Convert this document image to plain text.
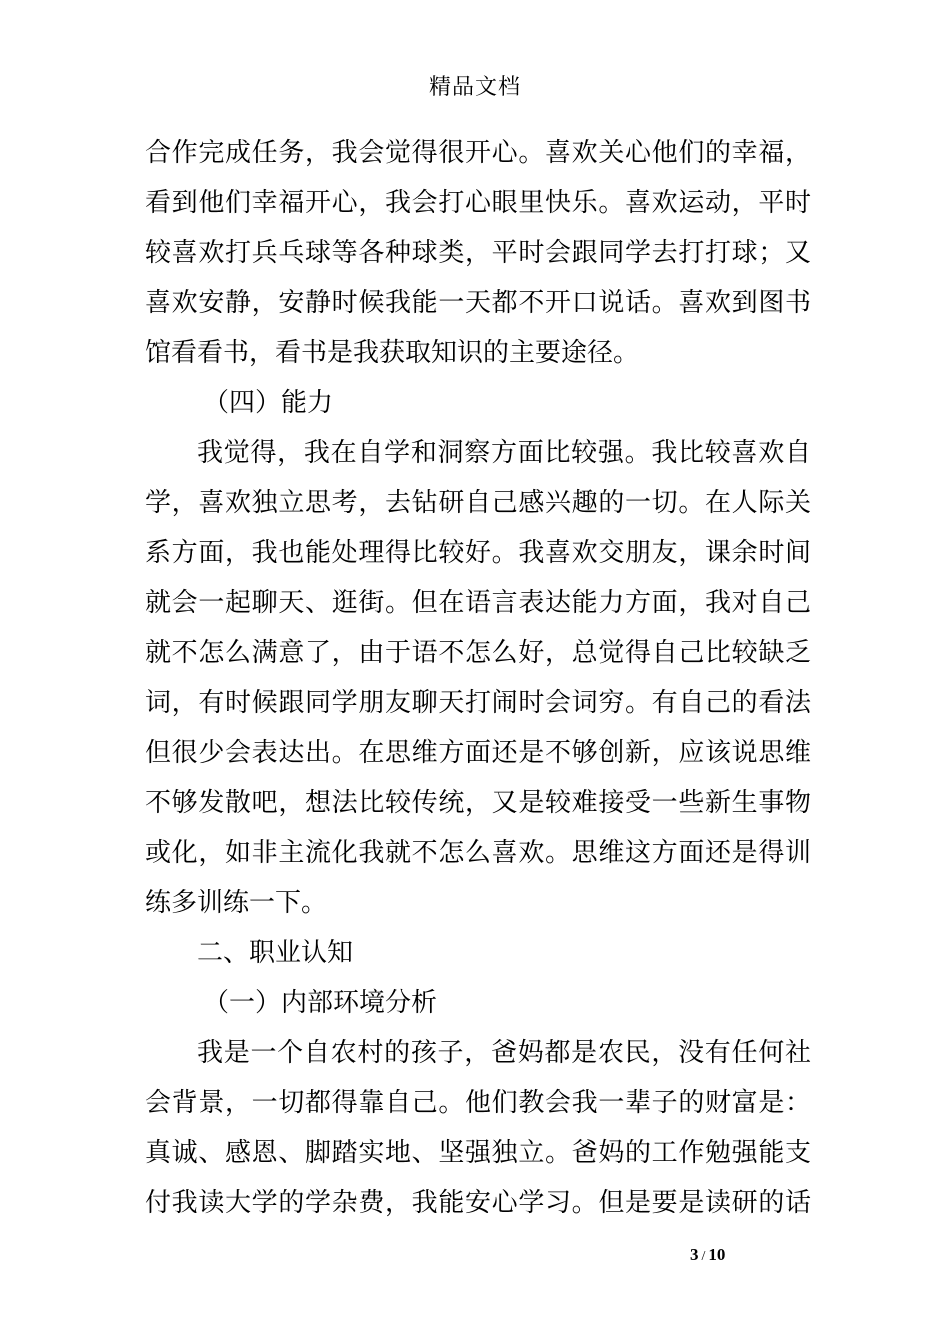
精品文档
合作完成任务，我会觉得很开心。喜欢关心他们的幸福，
看到他们幸福开心，我会打心眼里快乐。喜欢运动，平时
较喜欢打兵乓球等各种球类，平时会跟同学去打打球；又
喜欢安静，安静时候我能一天都不开口说话。喜欢到图书
馆看看书，看书是我获取知识的主要途径。
（四）能力
我觉得，我在自学和洞察方面比较强。我比较喜欢自
学，喜欢独立思考，去钻研自己感兴趣的一切。在人际关
系方面，我也能处理得比较好。我喜欢交朋友，课余时间
就会一起聊天、逛街。但在语言表达能力方面，我对自己
就不怎么满意了，由于语不怎么好，总觉得自己比较缺乏
词，有时候跟同学朋友聊天打闹时会词穷。有自己的看法
但很少会表达出。在思维方面还是不够创新，应该说思维
不够发散吧，想法比较传统，又是较难接受一些新生事物
或化，如非主流化我就不怎么喜欢。思维这方面还是得训
练多训练一下。
二、职业认知
（一）内部环境分析
我是一个自农村的孩子，爸妈都是农民，没有任何社
会背景，一切都得靠自己。他们教会我一辈子的财富是：
真诚、感恩、脚踏实地、坚强独立。爸妈的工作勉强能支
付我读大学的学杂费，我能安心学习。但是要是读研的话
3 / 10
